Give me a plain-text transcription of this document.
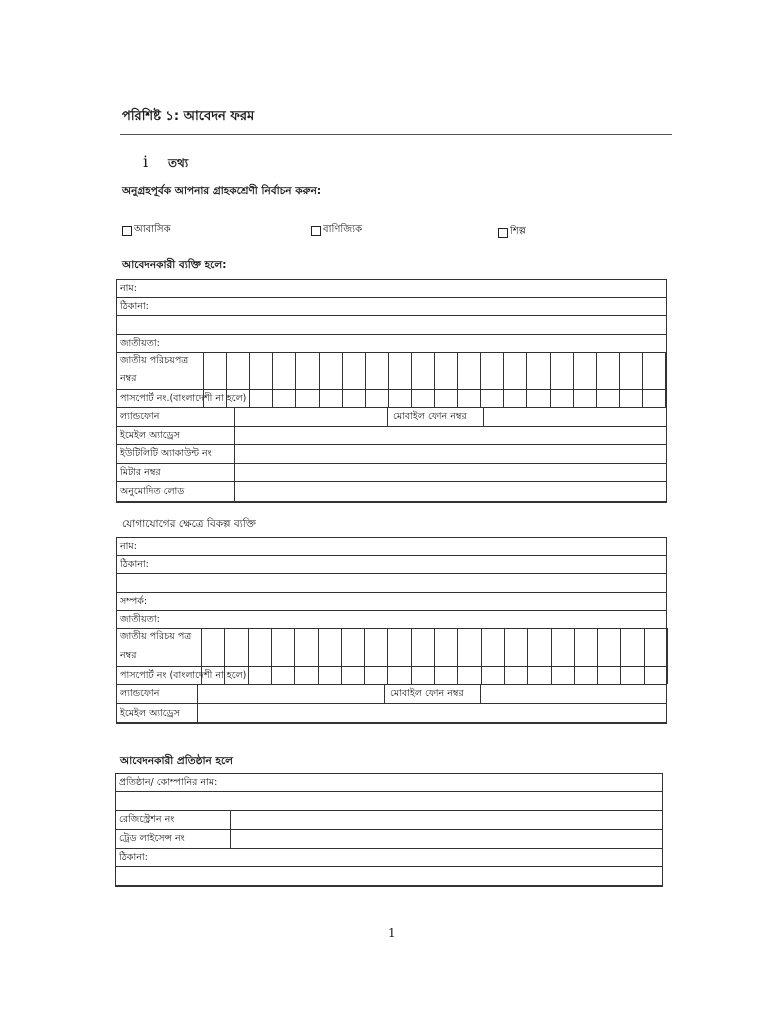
পরিশিষ্ট ১: আবেদন ফরম
i তথ্য
অনুগ্রহপূর্বক আপনার গ্রাহকশ্রেণী নির্বাচন করুন:
আবাসিক	বাণিজ্যিক	শিল্প
আবেদনকারী ব্যক্তি হলে:
নাম:
ঠিকানা:
জাতীয়তা:
জাতীয় পরিচয়পত্র
নম্বর
পাসপোর্ট নং.(বাংলাদেশী না হলে)
ল্যান্ডফোন	মোবাইল ফোন নম্বর
ইমেইল অ্যাড্রেস
ইউটিলিটি অ্যাকাউন্ট নং
মিটার নম্বর
অনুমোদিত লোড
যোগাযোগের ক্ষেত্রে বিকল্প ব্যক্তি
নাম:
ঠিকানা:
সম্পর্ক:
জাতীয়তা:
জাতীয় পরিচয় পত্র
নম্বর
পাসপোর্ট নং (বাংলাদেশী না হলে)
ল্যান্ডফোন	মোবাইল ফোন নম্বর
ইমেইল অ্যাড্রেস
আবেদনকারী প্রতিষ্ঠান হলে
প্রতিষ্ঠান/ কোম্পানির নাম:
রেজিস্ট্রেশন নং
ট্রেড লাইসেন্স নং
ঠিকানা:
1
